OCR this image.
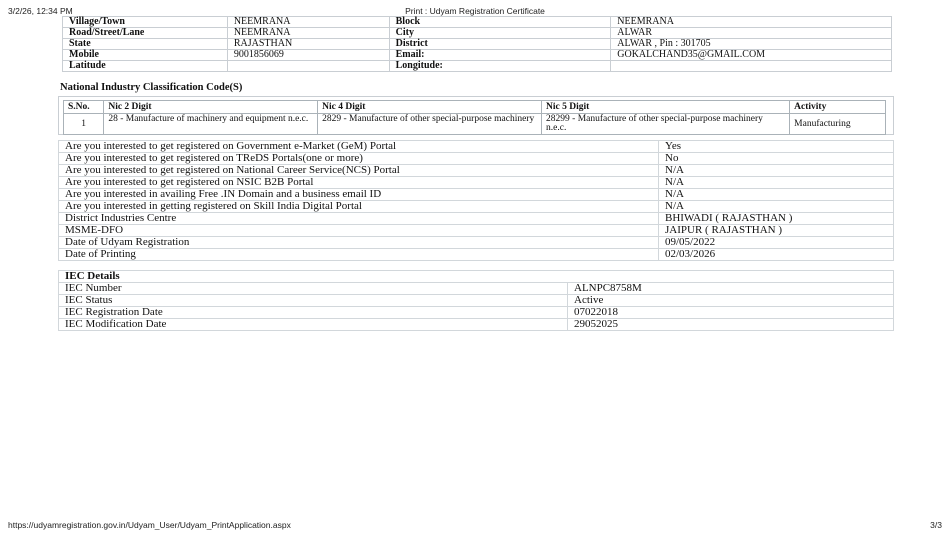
3/2/26, 12:34 PM	Print : Udyam Registration Certificate
Village/Town	NEEMRANA	Block	NEEMRANA
Road/Street/Lane	NEEMRANA	City	ALWAR
State	RAJASTHAN	District	ALWAR , Pin : 301705
Mobile	9001856069	Email:	GOKALCHAND35@GMAIL.COM
Latitude		Longitude:	
National Industry Classification Code(S)
S.No.	Nic 2 Digit	Nic 4 Digit	Nic 5 Digit	Activity
1	28 - Manufacture of machinery and equipment n.e.c.	2829 - Manufacture of other special-purpose machinery	28299 - Manufacture of other special-purpose machinery n.e.c.	Manufacturing
Are you interested to get registered on Government e-Market (GeM) Portal	Yes
Are you interested to get registered on TReDS Portals(one or more)	No
Are you interested to get registered on National Career Service(NCS) Portal	N/A
Are you interested to get registered on NSIC B2B Portal	N/A
Are you interested in availing Free .IN Domain and a business email ID	N/A
Are you interested in getting registered on Skill India Digital Portal	N/A
District Industries Centre	BHIWADI ( RAJASTHAN )
MSME-DFO	JAIPUR ( RAJASTHAN )
Date of Udyam Registration	09/05/2022
Date of Printing	02/03/2026
IEC Details	
IEC Number	ALNPC8758M
IEC Status	Active
IEC Registration Date	07022018
IEC Modification Date	29052025
https://udyamregistration.gov.in/Udyam_User/Udyam_PrintApplication.aspx	3/3
